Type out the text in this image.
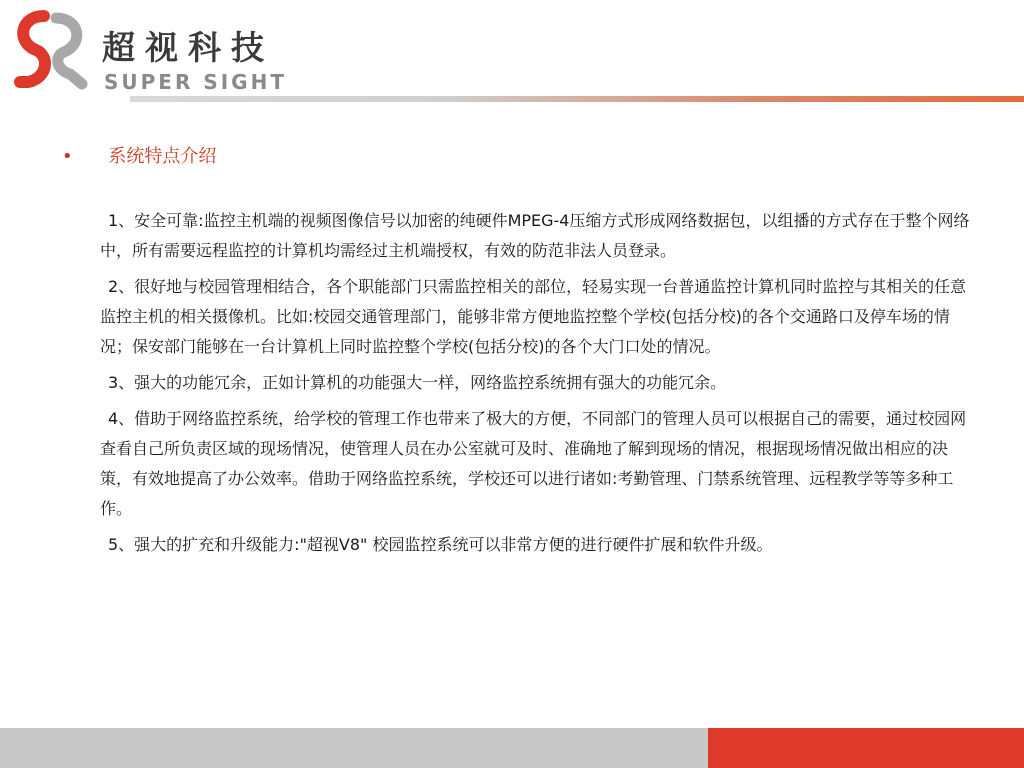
超视科技
SUPER SIGHT
• 系统特点介绍

1、安全可靠:监控主机端的视频图像信号以加密的纯硬件MPEG-4压缩方式形成网络数据包，以组播的方式存在于整个网络中，所有需要远程监控的计算机均需经过主机端授权，有效的防范非法人员登录。

2、很好地与校园管理相结合，各个职能部门只需监控相关的部位，轻易实现一台普通监控计算机同时监控与其相关的任意监控主机的相关摄像机。比如:校园交通管理部门，能够非常方便地监控整个学校(包括分校)的各个交通路口及停车场的情况；保安部门能够在一台计算机上同时监控整个学校(包括分校)的各个大门口处的情况。

3、强大的功能冗余，正如计算机的功能强大一样，网络监控系统拥有强大的功能冗余。

4、借助于网络监控系统，给学校的管理工作也带来了极大的方便，不同部门的管理人员可以根据自己的需要，通过校园网查看自己所负责区域的现场情况，使管理人员在办公室就可及时、准确地了解到现场的情况，根据现场情况做出相应的决策，有效地提高了办公效率。借助于网络监控系统，学校还可以进行诸如:考勤管理、门禁系统管理、远程教学等等多种工作。

5、强大的扩充和升级能力:"超视V8" 校园监控系统可以非常方便的进行硬件扩展和软件升级。
